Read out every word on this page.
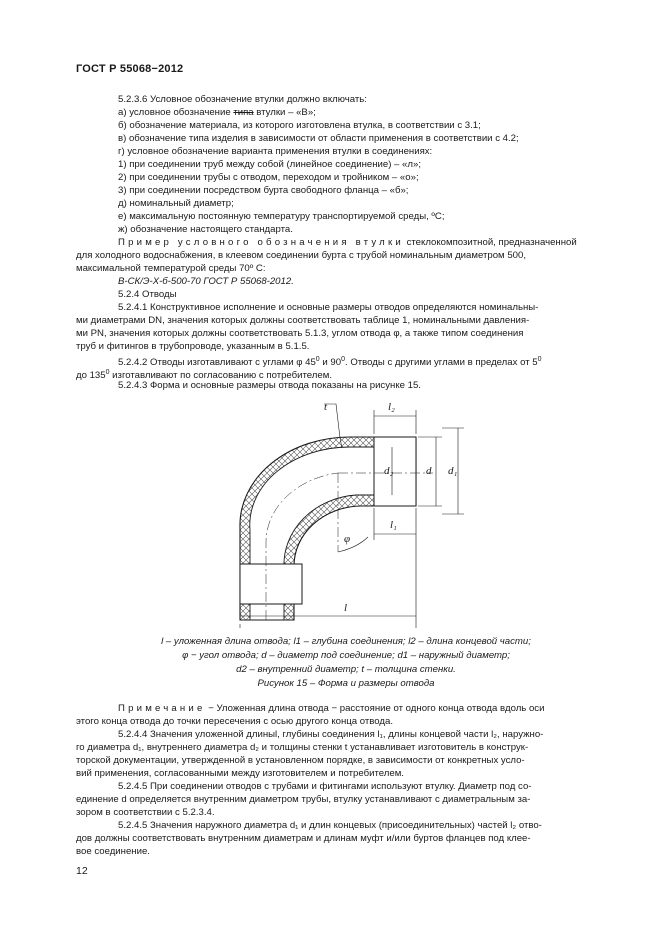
ГОСТ Р 55068−2012
5.2.3.6 Условное обозначение втулки должно включать:
а) условное обозначение типа втулки – «В»;
б) обозначение материала, из которого изготовлена втулка, в соответствии с 3.1;
в) обозначение типа изделия в зависимости от области применения в соответствии с 4.2;
г) условное обозначение варианта применения втулки в соединениях:
1) при соединении труб между собой (линейное соединение) – «л»;
2) при соединении трубы с отводом, переходом и тройником – «о»;
3) при соединении посредством бурта свободного фланца – «б»;
д) номинальный диаметр;
е) максимальную постоянную температуру транспортируемой среды, ºС;
ж) обозначение настоящего стандарта.
Пример условного обозначения втулки стеклокомпозитной, предназначенной
для холодного водоснабжения, в клеевом соединении бурта с трубой номинальным диаметром 500,
максимальной температурой среды 70º С:
В-СК/Э-Х-б-500-70 ГОСТ Р 55068-2012.
5.2.4 Отводы
5.2.4.1 Конструктивное исполнение и основные размеры отводов определяются номинальны-
ми диаметрами DN, значения которых должны соответствовать таблице 1, номинальными давления-
ми PN, значения которых должны соответствовать 5.1.3, углом отвода φ, а также типом соединения
труб и фитингов в трубопроводе, указанным в 5.1.5.
5.2.4.2 Отводы изготавливают с углами φ $45^0$ и $90^0$. Отводы с другими углами в пределах от $5^0$
до $135^0$ изготавливают по согласованию с потребителем.
5.2.4.3 Форма и основные размеры отвода показаны на рисунке 15.
t	l₂
d₂	d d₁
l₁
φ
l
l – уложенная длина отвода; l1 – глубина соединения; l2 – длина концевой части;
φ − угол отвода; d – диаметр под соединение; d1 – наружный диаметр;
d2 – внутренний диаметр; t – толщина стенки.
Рисунок 15 – Форма и размеры отвода
Примечание − Уложенная длина отвода − расстояние от одного конца отвода вдоль оси
этого конца отвода до точки пересечения с осью другого конца отвода.
5.2.4.4 Значения уложенной длиныl, глубины соединения l₁, длины концевой части l₂, наружно-
го диаметра d₁, внутреннего диаметра d₂ и толщины стенки t устанавливает изготовитель в конструк-
торской документации, утвержденной в установленном порядке, в зависимости от конкретных усло-
вий применения, согласованными между изготовителем и потребителем.
5.2.4.5 При соединении отводов с трубами и фитингами используют втулку. Диаметр под со-
единение d определяется внутренним диаметром трубы, втулку устанавливают с диаметральным за-
зором в соответствии с 5.2.3.4.
5.2.4.5 Значения наружного диаметра d₁ и длин концевых (присоединительных) частей l₂ отво-
дов должны соответствовать внутренним диаметрам и длинам муфт и/или буртов фланцев под клее-
вое соединение.
12
